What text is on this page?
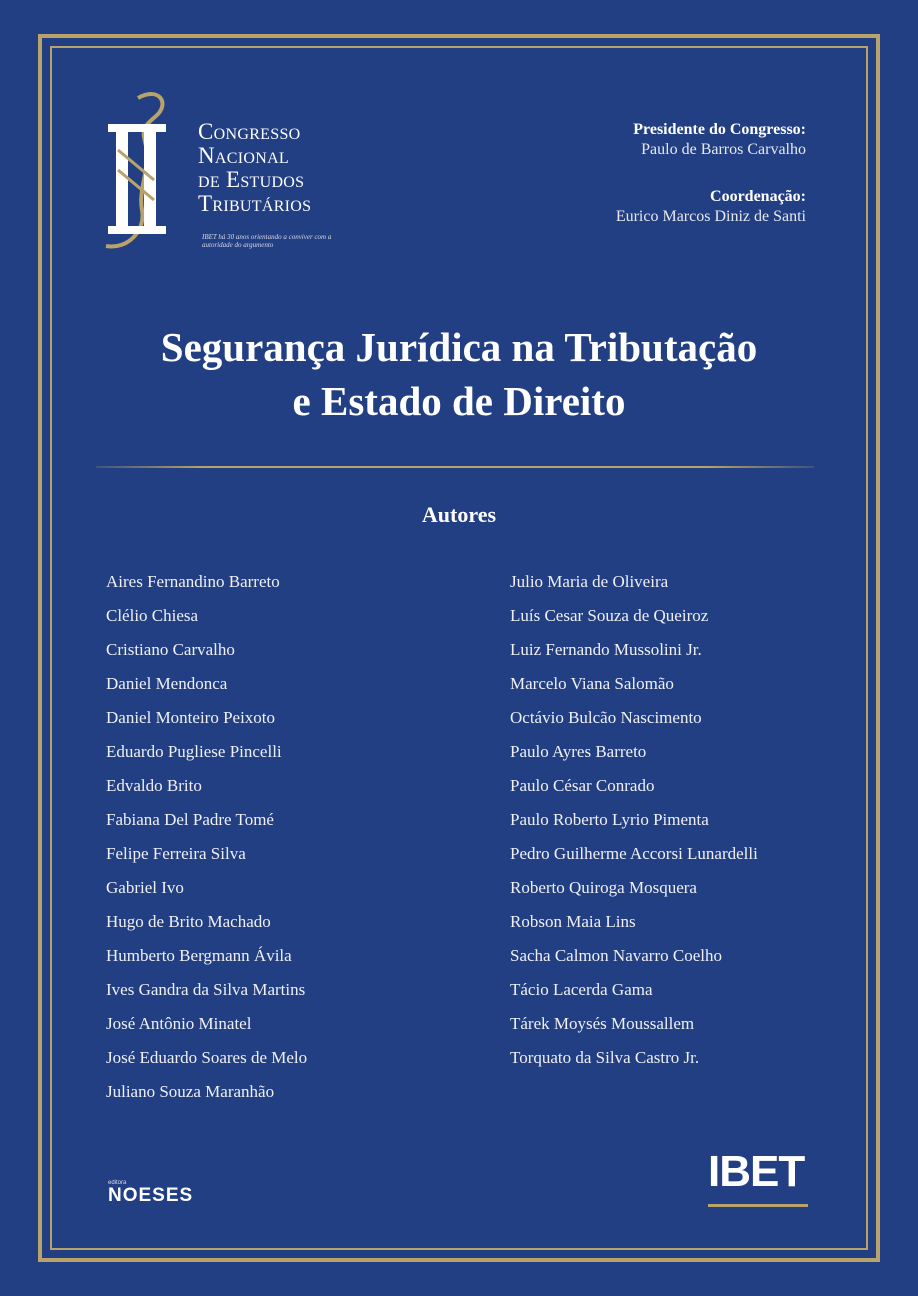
Congresso
Nacional
de Estudos
Tributários
IBET há 30 anos orientando a conviver com a autoridade do argumento
Presidente do Congresso:
Paulo de Barros Carvalho
Coordenação:
Eurico Marcos Diniz de Santi
Segurança Jurídica na Tributação
e Estado de Direito
Autores
Aires Fernandino Barreto
Clélio Chiesa
Cristiano Carvalho
Daniel Mendonca
Daniel Monteiro Peixoto
Eduardo Pugliese Pincelli
Edvaldo Brito
Fabiana Del Padre Tomé
Felipe Ferreira Silva
Gabriel Ivo
Hugo de Brito Machado
Humberto Bergmann Ávila
Ives Gandra da Silva Martins
José Antônio Minatel
José Eduardo Soares de Melo
Juliano Souza Maranhão
Julio Maria de Oliveira
Luís Cesar Souza de Queiroz
Luiz Fernando Mussolini Jr.
Marcelo Viana Salomão
Octávio Bulcão Nascimento
Paulo Ayres Barreto
Paulo César Conrado
Paulo Roberto Lyrio Pimenta
Pedro Guilherme Accorsi Lunardelli
Roberto Quiroga Mosquera
Robson Maia Lins
Sacha Calmon Navarro Coelho
Tácio Lacerda Gama
Tárek Moysés Moussallem
Torquato da Silva Castro Jr.
editora
NOESES	IBET
